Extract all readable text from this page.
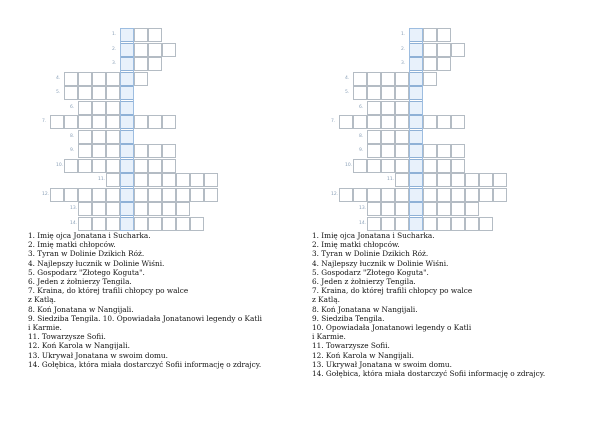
1.
2.
3.
4.
5.
6.
7.
8.
9.
10.
11.
12.
13.
14.
1. Imię ojca Jonatana i Sucharka.
2. Imię matki chłopców.
3. Tyran w Dolinie Dzikich Róż.
4. Najlepszy łucznik w Dolinie Wiśni.
5. Gospodarz "Złotego Koguta".
6. Jeden z żołnierzy Tengila.
7. Kraina, do której trafili chłopcy po walce
z Katlą.
8. Koń Jonatana w Nangijali.
9. Siedziba Tengila. 10. Opowiadała Jonatanowi legendy o Katli
i Karmie.
11. Towarzysze Sofii.
12. Koń Karola w Nangijali.
13. Ukrywał Jonatana w swoim domu.
14. Gołębica, która miała dostarczyć Sofii informację o zdrajcy.
1.
2.
3.
4.
5.
6.
7.
8.
9.
10.
11.
12.
13.
14.
1. Imię ojca Jonatana i Sucharka.
2. Imię matki chłopców.
3. Tyran w Dolinie Dzikich Róż.
4. Najlepszy łucznik w Dolinie Wiśni.
5. Gospodarz "Złotego Koguta".
6. Jeden z żołnierzy Tengila.
7. Kraina, do której trafili chłopcy po walce
z Katlą.
8. Koń Jonatana w Nangijali.
9. Siedziba Tengila.
10. Opowiadała Jonatanowi legendy o Katli
i Karmie.
11. Towarzysze Sofii.
12. Koń Karola w Nangijali.
13. Ukrywał Jonatana w swoim domu.
14. Gołębica, która miała dostarczyć Sofii informację o zdrajcy.
